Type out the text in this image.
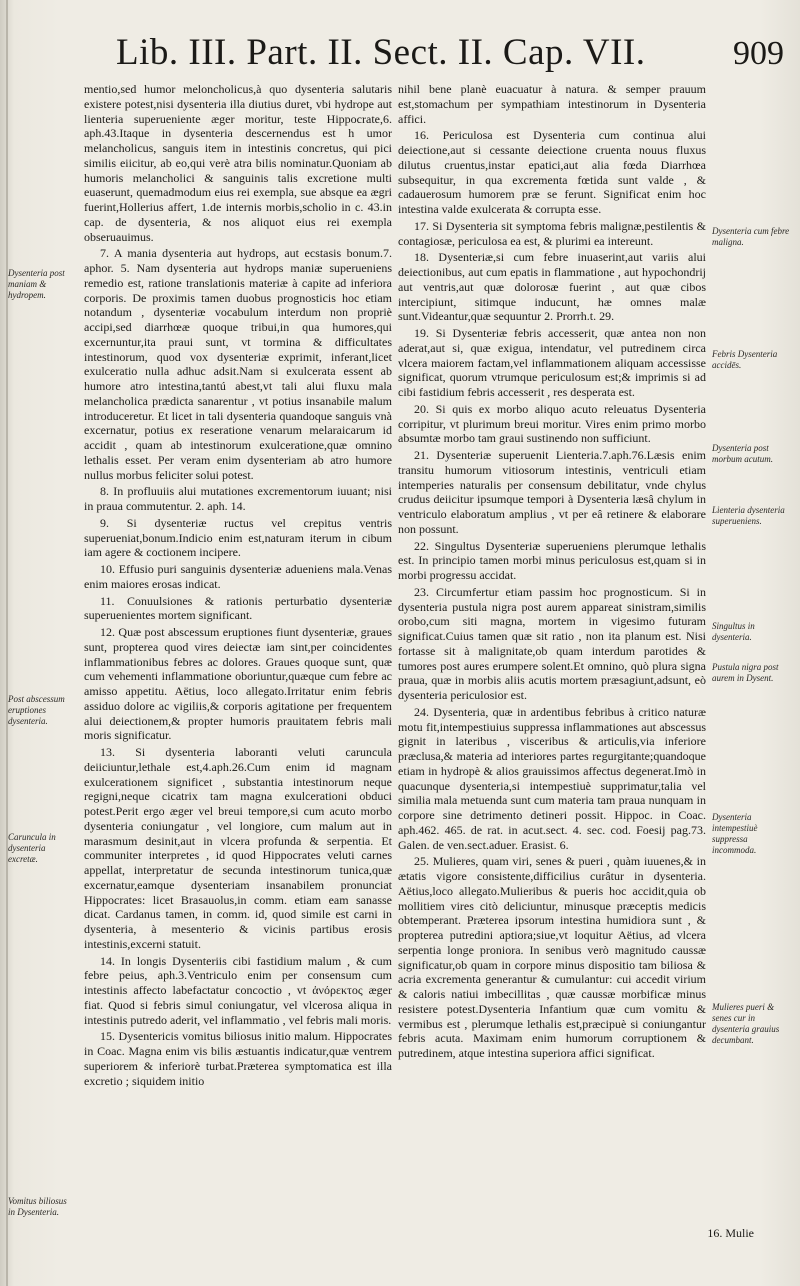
Lib. III. Part. II. Sect. II. Cap. VII.	909

mentio,sed humor meloncholicus,à quo dysenteria salutaris existere potest,nisi dysenteria illa diutius duret, vbi hydrope aut lienteria superueniente æger moritur, teste Hippocrate,6. aph.43.Itaque in dysenteria descernendus est h umor melancholicus, sanguis item in intestinis concretus, qui pici similis eiicitur, ab eo,qui verè atra bilis nominatur.Quoniam ab humoris melancholici & sanguinis talis excretione multi euaserunt, quemadmodum eius rei exempla, sue absque ea ægri fuerint,Hollerius affert, 1.de internis morbis,scholio in c. 43.in cap. de dysenteria, & nos aliquot eius rei exempla obseruauimus.

7. A mania dysenteria aut hydrops, aut ecstasis bonum.7. aphor. 5. Nam dysenteria aut hydrops maniæ superueniens remedio est, ratione translationis materiæ à capite ad inferiora corporis. De proximis tamen duobus prognosticis hoc etiam notandum , dysenteriæ vocabulum interdum non propriè accipi,sed diarrhœæ quoque tribui,in qua humores,qui excernuntur,ita praui sunt, vt tormina & difficultates intestinorum, quod vox dysenteriæ exprimit, inferant,licet exulceratio nulla adhuc adsit.Nam si exulcerata essent ab humore atro intestina,tantú abest,vt tali alui fluxu mala melancholica prædicta sanarentur , vt potius insanabile malum introduceretur. Et licet in tali dysenteria quandoque sanguis vnà excernatur, potius ex reseratione venarum melaraicarum id accidit , quam ab intestinorum exulceratione,quæ omnino lethalis esset. Per veram enim dysenteriam ab atro humore nullus morbus feliciter solui potest.

8. In profluuiis alui mutationes excrementorum iuuant; nisi in praua commutentur. 2. aph. 14.

9. Si dysenteriæ ructus vel crepitus ventris superueniat,bonum.Indicio enim est,naturam iterum in cibum iam agere & coctionem incipere.

10. Effusio puri sanguinis dysenteriæ adueniens mala.Venas enim maiores erosas indicat.

11. Conuulsiones & rationis perturbatio dysenteriæ superuenientes mortem significant.

12. Quæ post abscessum eruptiones fiunt dysenteriæ, graues sunt, propterea quod vires deiectæ iam sint,per coincidentes inflammationibus febres ac dolores. Graues quoque sunt, quæ cum vehementi inflammatione oboriuntur,quæque cum febre ac amisso appetitu. Aëtius, loco allegato.Irritatur enim febris assiduo dolore ac vigiliis,& corporis agitatione per frequentem alui deiectionem,& propter humoris prauitatem febris mali moris significatur.

13. Si dysenteria laboranti veluti caruncula deiiciuntur,lethale est,4.aph.26.Cum enim id magnam exulcerationem significet , substantia intestinorum neque regigni,neque cicatrix tam magna exulcerationi obduci potest.Perit ergo æger vel breui tempore,si cum acuto morbo dysenteria coniungatur , vel longiore, cum malum aut in marasmum desinit,aut in vlcera profunda & serpentia. Et communiter interpretes , id quod Hippocrates veluti carnes appellat, interpretatur de secunda intestinorum tunica,quæ excernatur,eamque dysenteriam insanabilem pronunciat Hippocrates: licet Brasauolus,in comm. etiam eam sanasse dicat. Cardanus tamen, in comm. id, quod simile est carni in dysenteria, à mesenterio & vicinis partibus erosis intestinis,excerni statuit.

14. In longis Dysenteriis cibi fastidium malum , & cum febre peius, aph.3.Ventriculo enim per consensum cum intestinis affecto labefactatur concoctio , vt ἀνόρεκτος æger fiat. Quod si febris simul coniungatur, vel vlcerosa aliqua in intestinis putredo aderit, vel inflammatio , vel febris mali moris.

15. Dysentericis vomitus biliosus initio malum. Hippocrates in Coac. Magna enim vis bilis æstuantis indicatur,quæ ventrem superiorem & inferiorè turbat.Præterea symptomatica est illa excretio ; siquidem initio

nihil bene planè euacuatur à natura. & semper prauum est,stomachum per sympathiam intestinorum in Dysenteria affici.

16. Periculosa est Dysenteria cum continua alui deiectione,aut si cessante deiectione cruenta nouus fluxus dilutus cruentus,instar epatici,aut alia fœda Diarrhœa subsequitur, in qua excrementa fœtida sunt valde , & cadauerosum humorem præ se ferunt. Significat enim hoc intestina valde exulcerata & corrupta esse.

17. Si Dysenteria sit symptoma febris malignæ,pestilentis & contagiosæ, periculosa ea est, & plurimi ea intereunt.

18. Dysenteriæ,si cum febre inuaserint,aut variis alui deiectionibus, aut cum epatis in flammatione , aut hypochondrij aut ventris,aut quæ dolorosæ fuerint , aut quæ cibos intercipiunt, sitimque inducunt, hæ omnes malæ sunt.Videantur,quæ sequuntur 2. Prorrh.t. 29.

19. Si Dysenteriæ febris accesserit, quæ antea non non aderat,aut si, quæ exigua, intendatur, vel putredinem circa vlcera maiorem factam,vel inflammationem aliquam accessisse significat, quorum vtrumque periculosum est;& imprimis si ad cibi fastidium febris accesserit , res desperata est.

20. Si quis ex morbo aliquo acuto releuatus Dysenteria corripitur, vt plurimum breui moritur. Vires enim primo morbo absumtæ morbo tam graui sustinendo non sufficiunt.

21. Dysenteriæ superuenit Lienteria.7.aph.76.Læsis enim transitu humorum vitiosorum intestinis, ventriculi etiam intemperies naturalis per consensum debilitatur, vnde chylus crudus deiicitur ipsumque tempori à Dysenteria læsâ chylum in ventriculo elaboratum amplius , vt per eâ retinere & elaborare non possunt.

22. Singultus Dysenteriæ superueniens plerumque lethalis est. In principio tamen morbi minus periculosus est,quam si in morbi progressu accidat.

23. Circumfertur etiam passim hoc prognosticum. Si in dysenteria pustula nigra post aurem appareat sinistram,similis orobo,cum siti magna, mortem in vigesimo futuram significat.Cuius tamen quæ sit ratio , non ita planum est. Nisi fortasse sit à malignitate,ob quam interdum parotides & tumores post aures erumpere solent.Et omnino, quò plura signa praua, quæ in morbis aliis acutis mortem præsagiunt,adsunt, eò dysenteria periculosior est.

24. Dysenteria, quæ in ardentibus febribus à critico naturæ motu fit,intempestiuius suppressa inflammationes aut abscessus gignit in lateribus , visceribus & articulis,via inferiore præclusa,& materia ad interiores partes regurgitante;quandoque etiam in hydropè & alios grauissimos affectus degenerat.Imò in quacunque dysenteria,si intempestiuè supprimatur,talia vel similia mala metuenda sunt cum materia tam praua nunquam in corpore sine detrimento detineri possit. Hippoc. in Coac. aph.462. 465. de rat. in acut.sect. 4. sec. cod. Foesij pag.73. Galen. de ven.sect.aduer. Erasist. 6.

25. Mulieres, quam viri, senes & pueri , quàm iuuenes,& in ætatis vigore consistente,difficilius curâtur in dysenteria. Aëtius,loco allegato.Mulieribus & pueris hoc accidit,quia ob mollitiem vires citò deliciuntur, minusque præceptis medicis obtemperant. Præterea ipsorum intestina humidiora sunt , & propterea putredini aptiora;siue,vt loquitur Aëtius, ad vlcera serpentia longe proniora. In senibus verò magnitudo caussæ significatur,ob quam in corpore minus dispositio tam biliosa & acria excrementa generantur & cumulantur: cui accedit virium & caloris natiui imbecillitas , quæ caussæ morbificæ minus resistere potest.Dysenteria Infantium quæ cum vomitu & vermibus est , plerumque lethalis est,præcipuè si coniungantur febris acuta. Maximam enim humorum corruptionem & putredinem, atque intestina superiora affici significat.

Dysenteria post maniam & hydropem.
Post abscessum eruptiones dysenteria.
Caruncula in dysenteria excretæ.
Vomitus biliosus in Dysenteria.
Dysenteria cum febre maligna.
Febris Dysenteria accidēs.
Dysenteria post morbum acutum.
Lienteria dysenteria superueniens.
Singultus in dysenteria.
Pustula nigra post aurem in Dysent.
Dysenteria intempestiuè suppressa incommoda.
Mulieres pueri & senes cur in dysenteria grauius decumbant.
16. Mulie
